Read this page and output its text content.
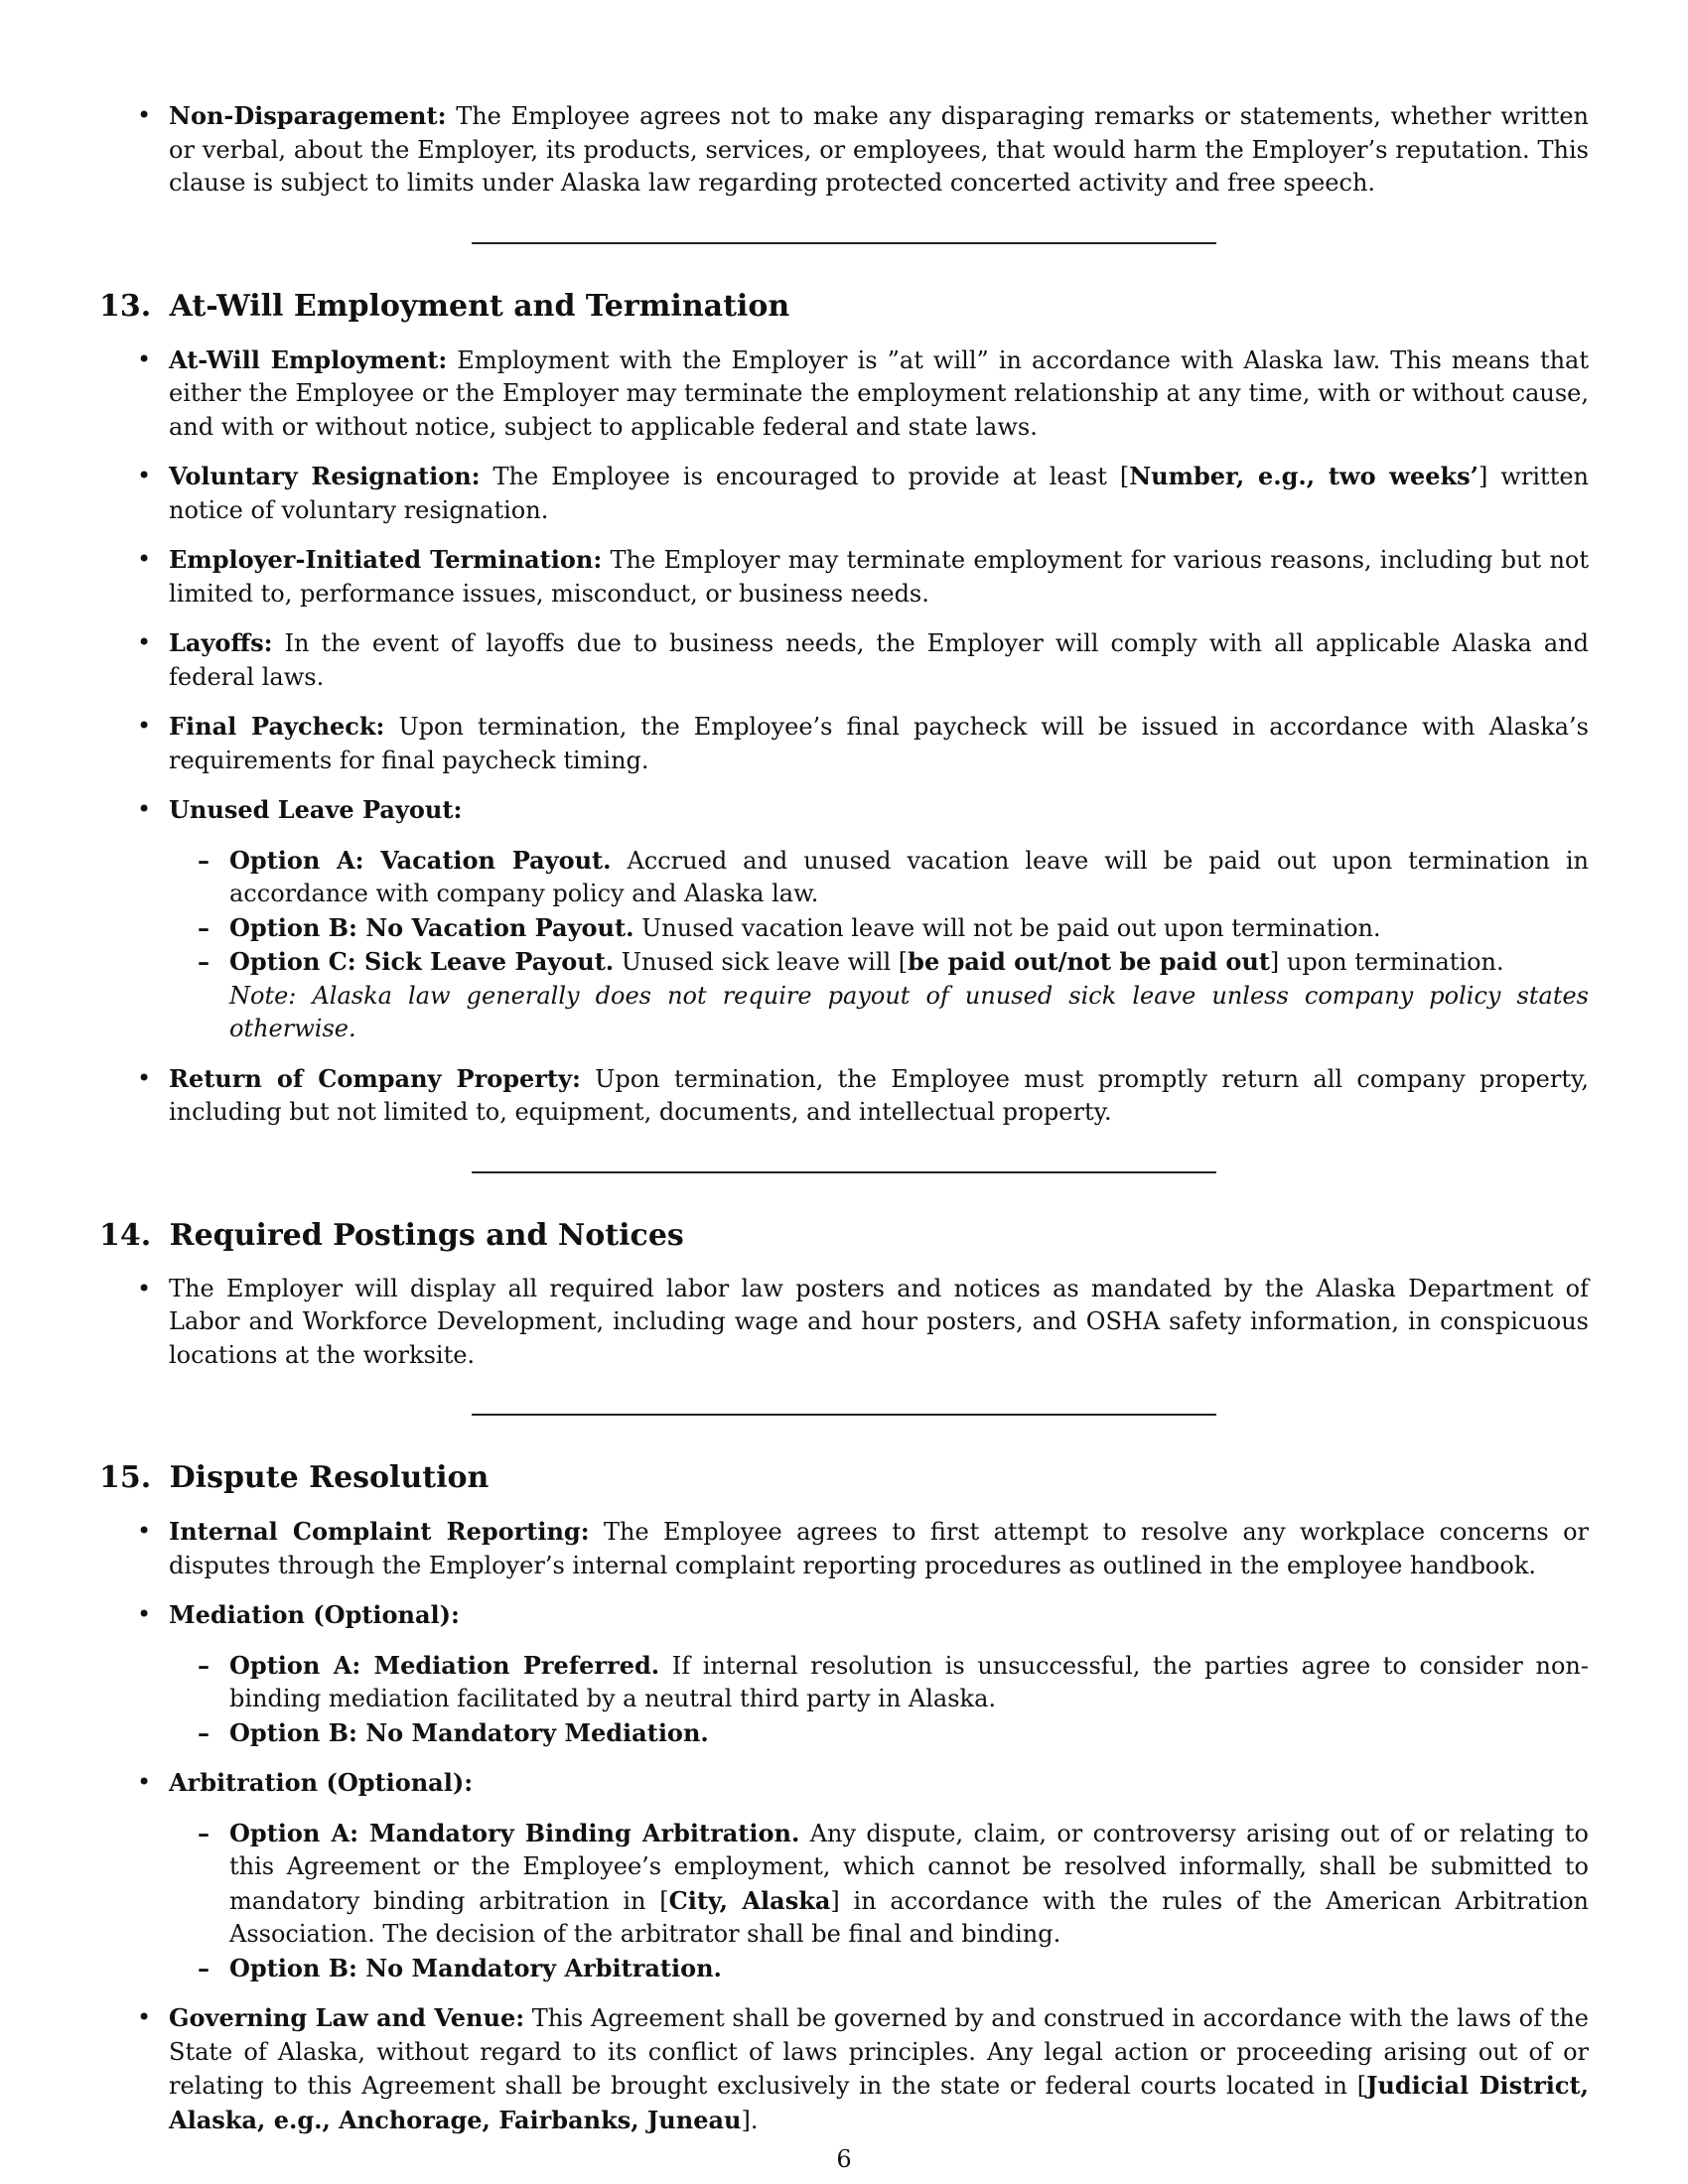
• Non-Disparagement: The Employee agrees not to make any disparaging remarks or statements, whether written or verbal, about the Employer, its products, services, or employees, that would harm the Employer’s reputation. This clause is subject to limits under Alaska law regarding protected concerted activity and free speech.
13. At-Will Employment and Termination
• At-Will Employment: Employment with the Employer is ”at will” in accordance with Alaska law. This means that either the Employee or the Employer may terminate the employment relationship at any time, with or without cause, and with or without notice, subject to applicable federal and state laws.
• Voluntary Resignation: The Employee is encouraged to provide at least [Number, e.g., two weeks’] written notice of voluntary resignation.
• Employer-Initiated Termination: The Employer may terminate employment for various reasons, including but not limited to, performance issues, misconduct, or business needs.
• Layoffs: In the event of layoffs due to business needs, the Employer will comply with all applicable Alaska and federal laws.
• Final Paycheck: Upon termination, the Employee’s final paycheck will be issued in accordance with Alaska’s requirements for final paycheck timing.
• Unused Leave Payout:
– Option A: Vacation Payout. Accrued and unused vacation leave will be paid out upon termination in accordance with company policy and Alaska law.
– Option B: No Vacation Payout. Unused vacation leave will not be paid out upon termination.
– Option C: Sick Leave Payout. Unused sick leave will [be paid out/not be paid out] upon termination.
Note: Alaska law generally does not require payout of unused sick leave unless company policy states otherwise.
• Return of Company Property: Upon termination, the Employee must promptly return all company property, including but not limited to, equipment, documents, and intellectual property.
14. Required Postings and Notices
• The Employer will display all required labor law posters and notices as mandated by the Alaska Department of Labor and Workforce Development, including wage and hour posters, and OSHA safety information, in conspicuous locations at the worksite.
15. Dispute Resolution
• Internal Complaint Reporting: The Employee agrees to first attempt to resolve any workplace concerns or disputes through the Employer’s internal complaint reporting procedures as outlined in the employee handbook.
• Mediation (Optional):
– Option A: Mediation Preferred. If internal resolution is unsuccessful, the parties agree to consider non-binding mediation facilitated by a neutral third party in Alaska.
– Option B: No Mandatory Mediation.
• Arbitration (Optional):
– Option A: Mandatory Binding Arbitration. Any dispute, claim, or controversy arising out of or relating to this Agreement or the Employee’s employment, which cannot be resolved informally, shall be submitted to mandatory binding arbitration in [City, Alaska] in accordance with the rules of the American Arbitration Association. The decision of the arbitrator shall be final and binding.
– Option B: No Mandatory Arbitration.
• Governing Law and Venue: This Agreement shall be governed by and construed in accordance with the laws of the State of Alaska, without regard to its conflict of laws principles. Any legal action or proceeding arising out of or relating to this Agreement shall be brought exclusively in the state or federal courts located in [Judicial District, Alaska, e.g., Anchorage, Fairbanks, Juneau].
6
